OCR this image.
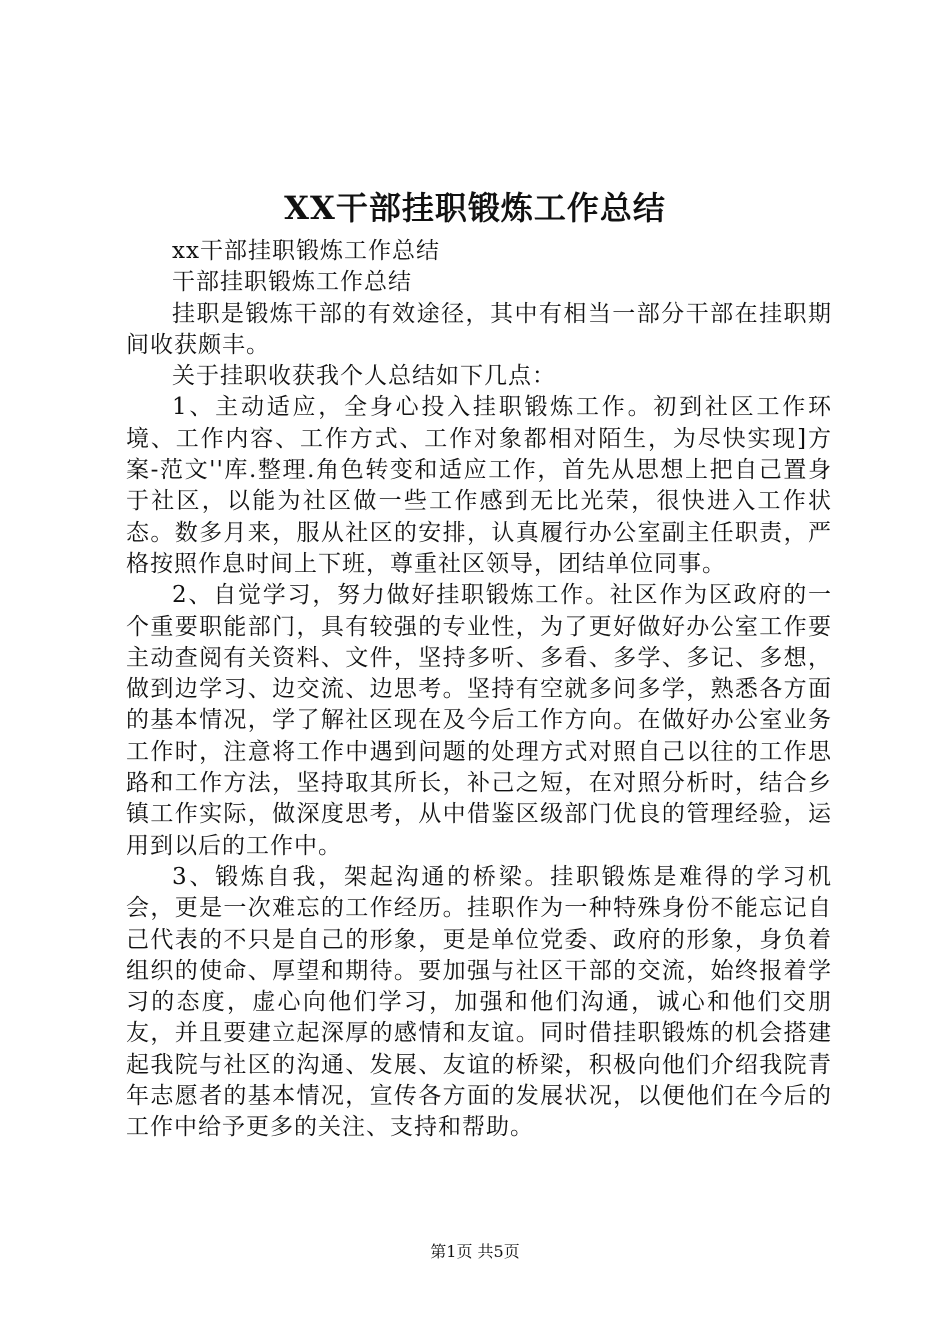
XX干部挂职锻炼工作总结

xx干部挂职锻炼工作总结

干部挂职锻炼工作总结

挂职是锻炼干部的有效途径，其中有相当一部分干部在挂职期间收获颇丰。

关于挂职收获我个人总结如下几点：

1、主动适应，全身心投入挂职锻炼工作。初到社区工作环境、工作内容、工作方式、工作对象都相对陌生，为尽快实现]方案-范文''库.整理.角色转变和适应工作，首先从思想上把自己置身于社区，以能为社区做一些工作感到无比光荣，很快进入工作状态。数多月来，服从社区的安排，认真履行办公室副主任职责，严格按照作息时间上下班，尊重社区领导，团结单位同事。

2、自觉学习，努力做好挂职锻炼工作。社区作为区政府的一个重要职能部门，具有较强的专业性，为了更好做好办公室工作要主动查阅有关资料、文件，坚持多听、多看、多学、多记、多想，做到边学习、边交流、边思考。坚持有空就多问多学，熟悉各方面的基本情况，学了解社区现在及今后工作方向。在做好办公室业务工作时，注意将工作中遇到问题的处理方式对照自己以往的工作思路和工作方法，坚持取其所长，补己之短，在对照分析时，结合乡镇工作实际，做深度思考，从中借鉴区级部门优良的管理经验，运用到以后的工作中。

3、锻炼自我，架起沟通的桥梁。挂职锻炼是难得的学习机会，更是一次难忘的工作经历。挂职作为一种特殊身份不能忘记自己代表的不只是自己的形象，更是单位党委、政府的形象，身负着组织的使命、厚望和期待。要加强与社区干部的交流，始终报着学习的态度，虚心向他们学习，加强和他们沟通，诚心和他们交朋友，并且要建立起深厚的感情和友谊。同时借挂职锻炼的机会搭建起我院与社区的沟通、发展、友谊的桥梁，积极向他们介绍我院青年志愿者的基本情况，宣传各方面的发展状况，以便他们在今后的工作中给予更多的关注、支持和帮助。

第1页 共5页
